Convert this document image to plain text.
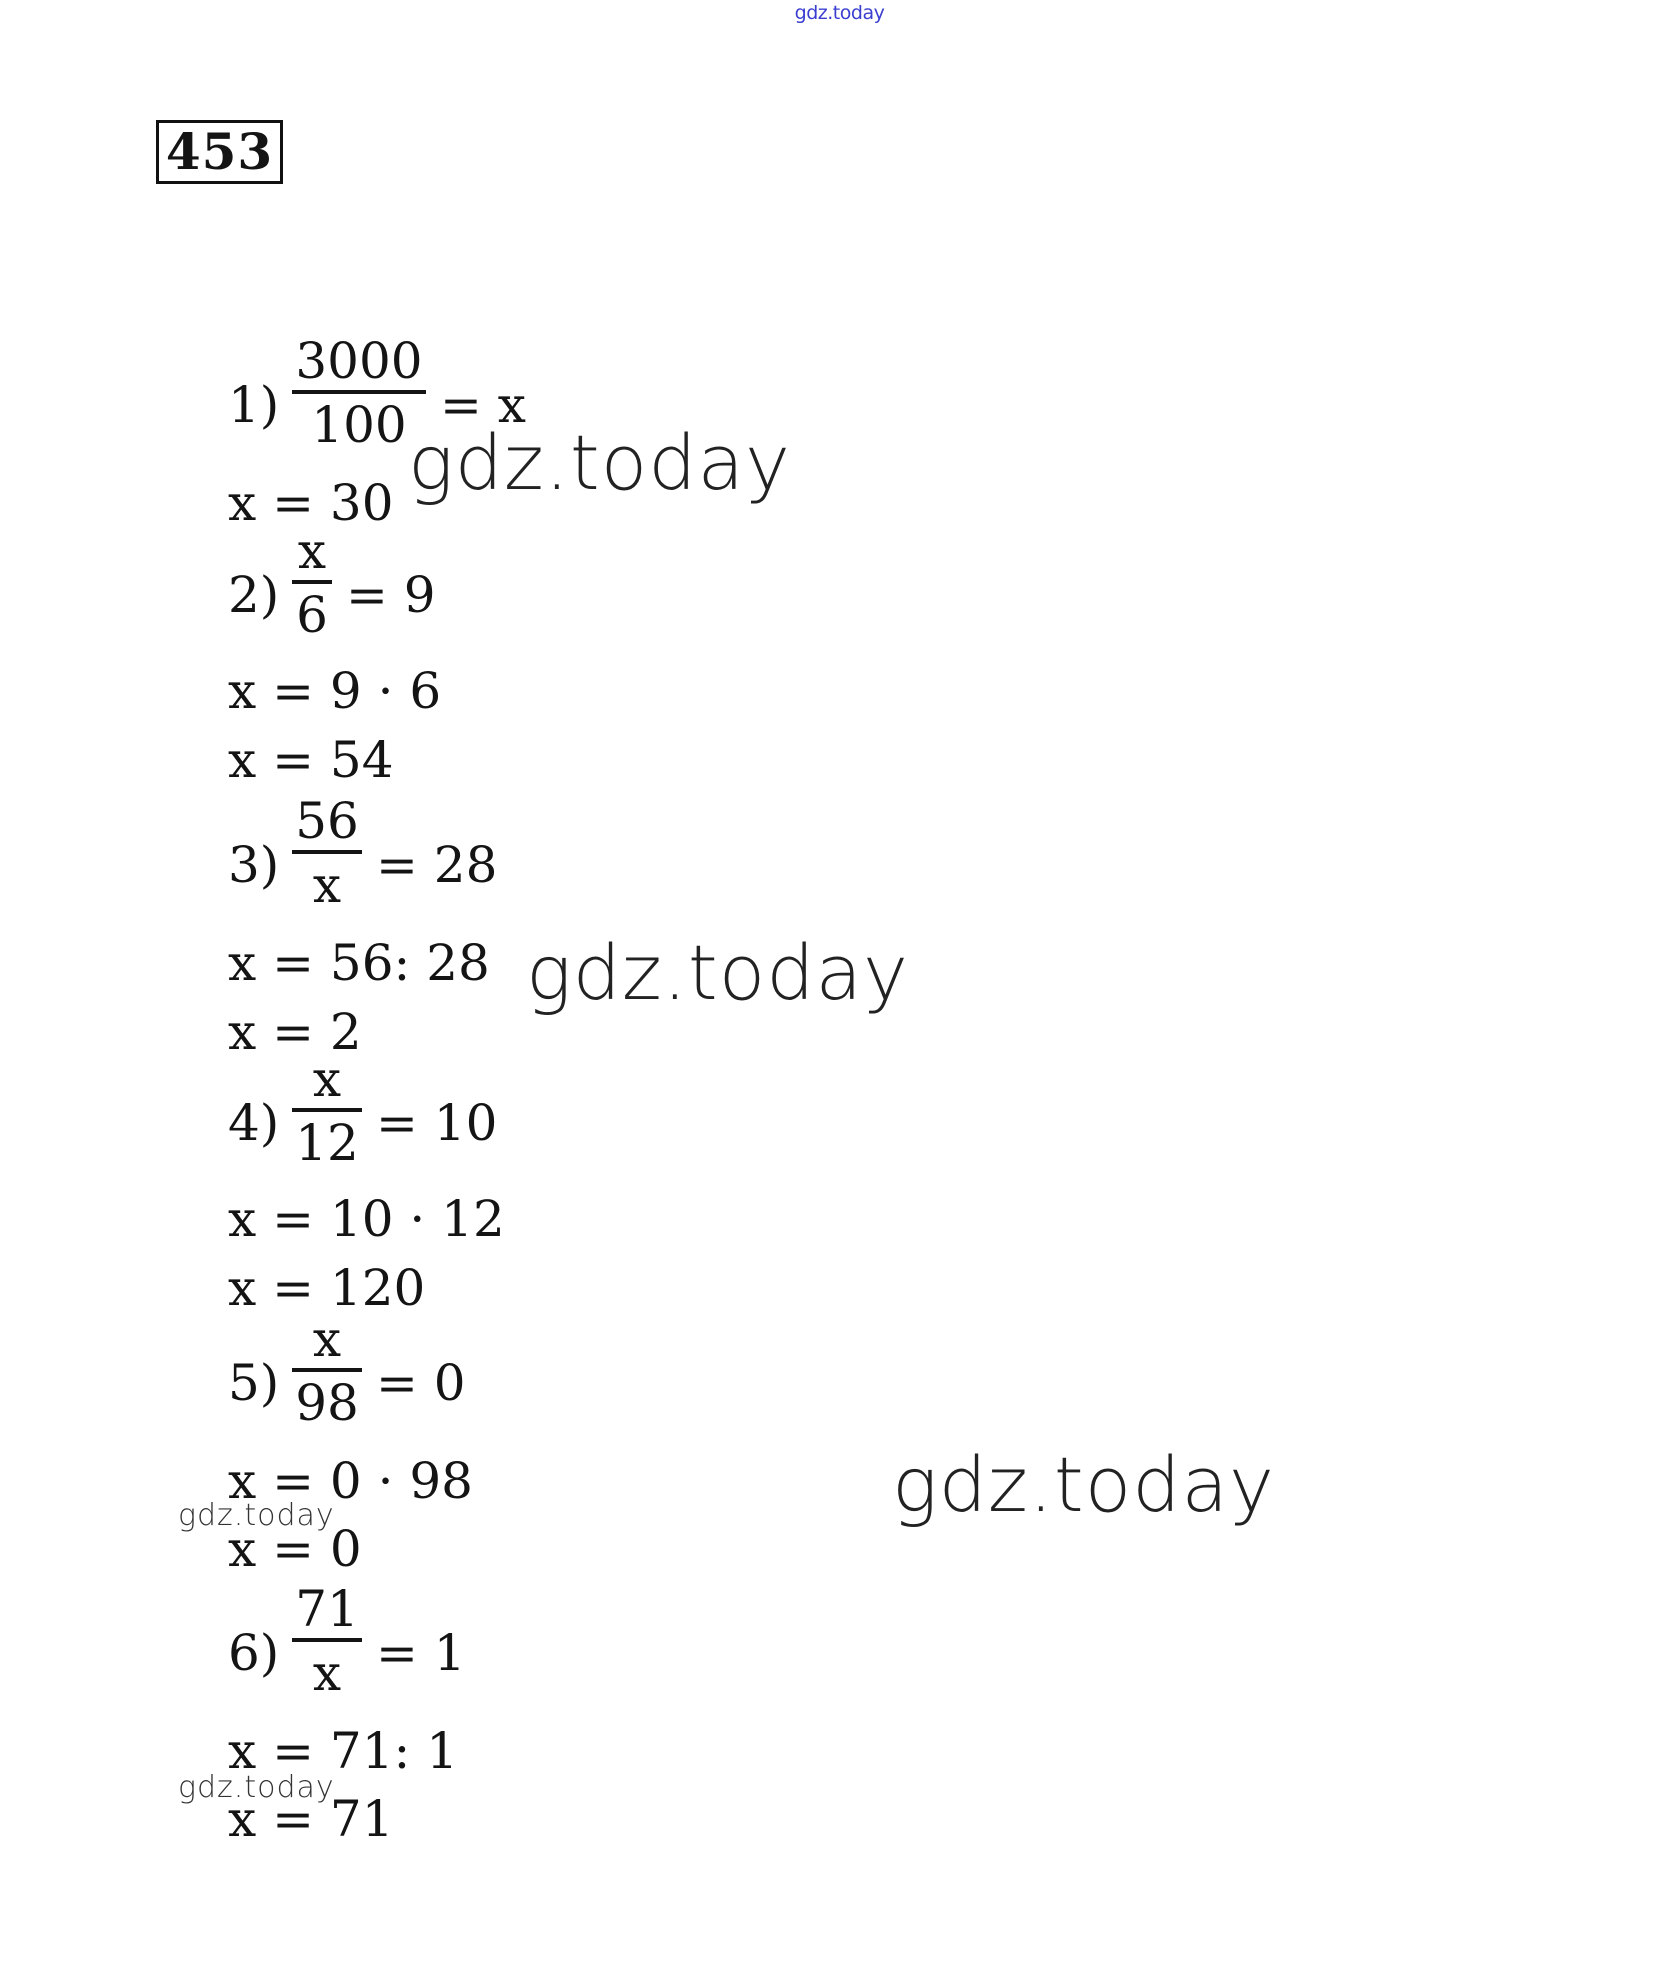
gdz.today
453
1)
3000
100 = x
x = 30
2)
x
6 = 9
x = 9 · 6
x = 54
3)
56
x = 28
x = 56: 28
x = 2
4)
x
12 = 10
x = 10 · 12
x = 120
5)
x
98 = 0
x = 0 · 98
x = 0
6)
71
x = 1
x = 71: 1
x = 71
gdz.today
gdz.today
gdz.today
gdz.today
gdz.today
